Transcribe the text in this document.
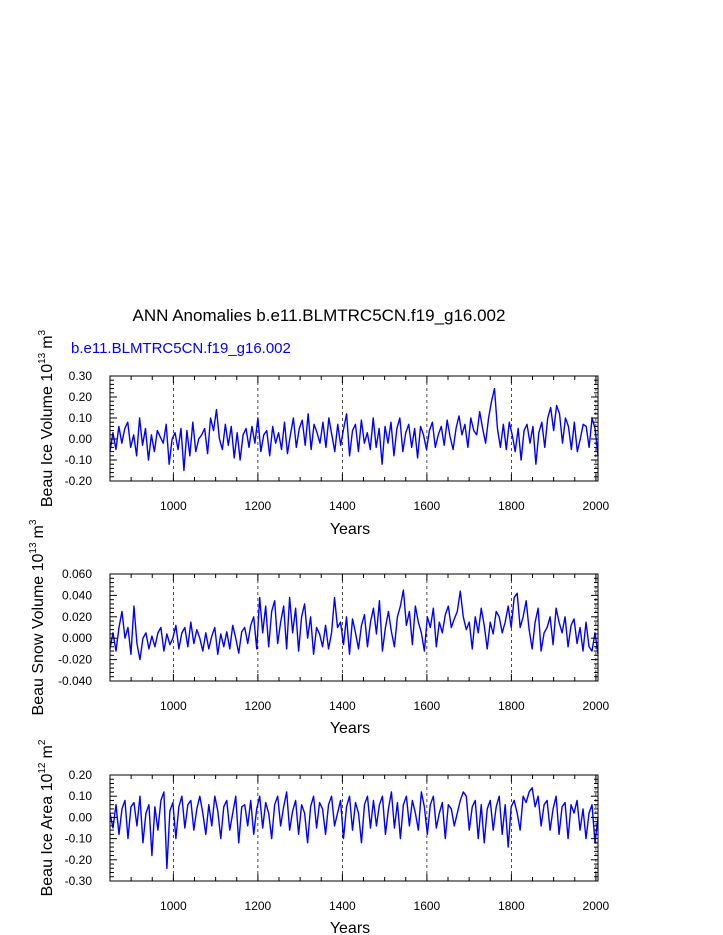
ANN Anomalies b.e11.BLMTRC5CN.f19_g16.002
b.e11.BLMTRC5CN.f19_g16.002
-0.20
-0.10
0.00
0.10
0.20
0.30
1000	1200	1400	1600	1800	2000
Years
Beau Ice Volume $10^{13}m^3$
-0.040
-0.020
0.000
0.020
0.040
0.060
1000	1200	1400	1600	1800	2000
Years
Beau Snow Volume $10^{13}m^3$
-0.30
-0.20
-0.10
0.00
0.10
0.20
1000	1200	1400	1600	1800	2000
Years
Beau Ice Area $10^{12}m^2$
